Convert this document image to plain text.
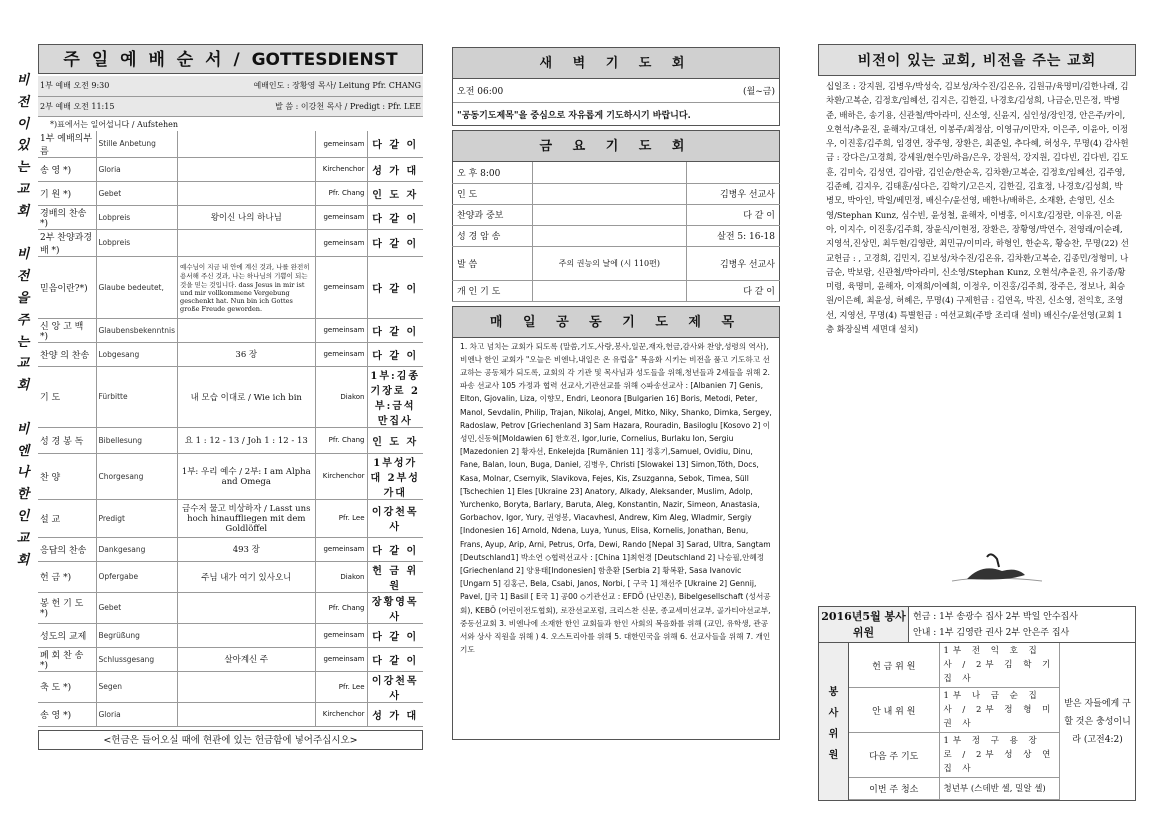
비
전
이
있
는
교
회
비
전
을
주
는
교
회
비
엔
나
한
인
교
회
주 일 예 배 순 서 / GOTTESDIENST
1부 예배 오전 9:30	예배인도 : 장황영 목사/ Leitung Pfr. CHANG
2부 예배 오전 11:15	발 씀 : 이강천 목사 / Predigt : Pfr. LEE
*)표에서는 일어섭니다 / Aufstehen
1부 예배의부름	Stille Anbetung		gemeinsam	다 같 이
송 영 *)	Gloria		Kirchenchor	성 가 대
기 원 *)	Gebet		Pfr. Chang	인 도 자
경배의 찬송 *)	Lobpreis	왕이신 나의 하나님	gemeinsam	다 같 이
2부 찬양과경배 *)	Lobpreis		gemeinsam	다 같 이
믿음이란?*)	Glaube bedeutet,	예수님이 지금 내 안에 계신 것과, 나를 완전히 용서해 주신 것과, 나는 하나님의 기쁨이 되는 것을 믿는 것입니다. dass Jesus in mir ist und mir vollkommene Vergebung geschenkt hat. Nun bin ich Gottes große Freude geworden.	gemeinsam	다 같 이
신 앙 고 백 *)	Glaubensbekenntnis		gemeinsam	다 같 이
찬양 의 찬송	Lobgesang	36 장	gemeinsam	다 같 이
기 도	Fürbitte	내 모습 이대로 / Wie ich bin	Diakon	1부:김종기장로 2부:금석만집사
성 경 봉 독	Bibellesung	요 1 : 12 - 13 / Joh 1 : 12 - 13	Pfr. Chang	인 도 자
찬 양	Chorgesang	1부: 우리 예수 / 2부: I am Alpha and Omega	Kirchenchor	1부성가대 2부성가대
설 교	Predigt	금수저 물고 비상하자 / Lasst uns hoch hinauffliegen mit dem Goldlöffel	Pfr. Lee	이강천목사
응답의 찬송	Dankgesang	493 장	gemeinsam	다 같 이
헌 금 *)	Opfergabe	주님 내가 여기 있사오니	Diakon	헌 금 위 원
봉 헌 기 도 *)	Gebet		Pfr. Chang	장황영목사
성도의 교제	Begrüßung		gemeinsam	다 같 이
폐 회 찬 송 *)	Schlussgesang	살아계신 주	gemeinsam	다 같 이
축 도 *)	Segen		Pfr. Lee	이강천목사
송 영 *)	Gloria		Kirchenchor	성 가 대
<헌금은 들어오실 때에 현관에 있는 헌금함에 넣어주십시오>
새 벽 기 도 회
오전 06:00	(월~금)
"공동기도제목"을 중심으로 자유롭게 기도하시기 바랍니다.
금 요 기 도 회
오 후 8:00		
인 도		김병우 선교사
찬양과 중보		다 같 이
성 경 암 송		살전 5: 16-18
발 씀	주의 권능의 날에 (시 110편)	김병우 선교사
개 인 기 도		다 같 이
매 일 공 동 기 도 제 목
1. 차고 넘치는 교회가 되도록 (말씀,기도,사랑,봉사,일꾼,재자,헌금,감사와 찬양,성령의 역사), 비엔나 한인 교회가 "오늘은 비엔나,내일은 온 유럽을" 복음화 시키는 비전을 품고 기도하고 선교하는 공동체가 되도록, 교회의 각 기관 및 목사님과 성도들을 위해,청년들과 2세들을 위해 2. 파송 선교사 105 가정과 협력 선교사,기관선교를 위해 ◇파송선교사 : [Albanien 7] Genis, Elton, Gjovalin, Liza, 이향모, Endri, Leonora [Bulgarien 16] Boris, Metodi, Peter, Manol, Sevdalin, Philip, Trajan, Nikolaj, Angel, Mitko, Niky, Shanko, Dimka, Sergey, Radoslaw, Petrov [Griechenland 3] Sam Hazara, Rouradin, Basiloglu [Kosovo 2] 이성민,신동혁[Moldawien 6] 한호진, Igor,Iurie, Cornelius, Burlaku Ion, Sergiu [Mazedonien 2] 황자선, Enkelejda [Rumänien 11] 정홍기,Samuel, Ovidiu, Dinu, Fane, Balan, Ioun, Buga, Daniel, 김병우, Christi [Slowakei 13] Simon,Tóth, Docs, Kasa, Molnar, Csernyik, Slavikova, Fejes, Kis, Zsuzganna, Sebok, Timea, Süll [Tschechien 1] Eles [Ukraine 23] Anatory, Alkady, Aleksander, Muslim, Adolp, Yurchenko, Boryta, Barlary, Baruta, Aleg, Konstantin, Nazir, Simeon, Anastasia, Gorbachov, Igor, Yury, 권영봉, Viacavhesl, Andrew, Kim Aleg, Wladmir, Sergiy [Indonesien 16] Arnold, Ndena, Luya, Yunus, Elisa, Kornelis, Jonathan, Benu, Frans, Ayup, Arip, Arni, Petrus, Orfa, Dewi, Rando [Nepal 3] Sarad, Ultra, Sangtam [Deutschland1] 박소연 ◇협력선교사 : [China 1]최현경 [Deutschland 2] 나승필,안혜정 [Griechenland 2] 양용태[Indonesien] 함춘환 [Serbia 2] 황복환, Sasa Ivanovic [Ungarn 5] 김홍근, Bela, Csabi, Janos, Norbi, [ 구국 1] 채선주 [Ukraine 2] Gennij, Pavel, [J국 1] Basil [ E국 1] 공00 ◇기관선교 : EFDÖ (난민촌), Bibelgesellschaft (성서공회), KEBÖ (어린이전도협회), 로잔선교포럼, 크리스찬 신문, 종교세미선교부, 골가티아선교부, 중동선교회 3. 비엔나에 소재한 한인 교회들과 한인 사회의 복음화를 위해 (교민, 유학생, 관공서와 상사 직원을 위해 ) 4. 오스트리아를 위해 5. 대한민국을 위해 6. 선교사들을 위해 7. 개인기도
비전이 있는 교회, 비전을 주는 교회
십일조 : 강지원, 김병우/박성숙, 김보성/차수진/김온유, 김원규/육명미/김한나래, 김차환/고복순, 김정호/임혜선, 김지은, 김한길, 나경호/김성희, 나금순,민은정, 박병준, 배하은, 송기용, 신관철/박아라미, 신소영, 신윤지, 심인성/장인경, 안은주/카이, 오현석/추윤진, 윤해자/고대선, 이봉주/최정삼, 이영규/이만자, 이은주, 이윤아, 이정우, 이진홍/김주희, 임경연, 장주영, 장환은, 최준일, 추다혜, 허성우, 무명(4) 감사헌금 : 강다은/고경희, 강세원/현수민/하음/은우, 강원석, 강지원, 김다빈, 김다빈, 김도훈, 김미숙, 김성연, 김아람, 김인순/한순옥, 김차환/고복순, 김정호/임혜선, 김주영, 김준혜, 김지우, 김태훈/심다은, 김학기/고은지, 김한길, 김효정, 나경호/김성희, 박병모, 박아인, 박일/베민정, 배신수/윤선영, 배한나/배하은, 소재환, 손영민, 신소영/Stephan Kunz, 심수빈, 윤성철, 윤해자, 이병홍, 이시호/김정란, 이유진, 이윤아, 이지수, 이진홍/김주희, 장윤식/이현정, 장환은, 장황영/박연수, 전영래/이순례, 지영석,진상민, 최두현/김영란, 최민규/이미라, 하형인, 한순옥, 황승찬, 무명(22) 선교헌금 : , 고경희, 김민지, 김보성/차수진/김온유, 김차환/고복순, 김종민/정형미, 나금순, 박보람, 신관철/박아라미, 신소영/Stephan Kunz, 오현석/추윤진, 유기종/황미령, 육명미, 윤해자, 이재희/이예희, 이정우, 이진홍/김주희, 장주은, 정보나, 최승원/이은혜, 최윤성, 허혜은, 무명(4) 구제헌금 : 김연옥, 박진, 신소영, 전익호, 조영선, 지영선, 무명(4) 특별헌금 : 여선교회(주방 조리대 설비) 배신수/윤선영(교회 1층 화장실벽 세면대 설치)
2016년5월 봉사위원
헌금 : 1부 송광수 집사 2부 박일 안수집사
안내 : 1부 김영란 권사 2부 안은주 집사
봉
사
위
원
헌 금 위 원	1부 전 익 호 집 사 / 2부 김 학 기 집 사
안 내 위 원	1부 나 금 순 집 사 / 2부 정 형 미 권 사
다음 주 기도	1부 정 구 용 장 로 / 2부 성 상 연 집 사
이번 주 청소	청년부 (스데반 셀, 밀알 셀)
받은 자들에게 구할 것은 충성이니라 (고전4:2)
